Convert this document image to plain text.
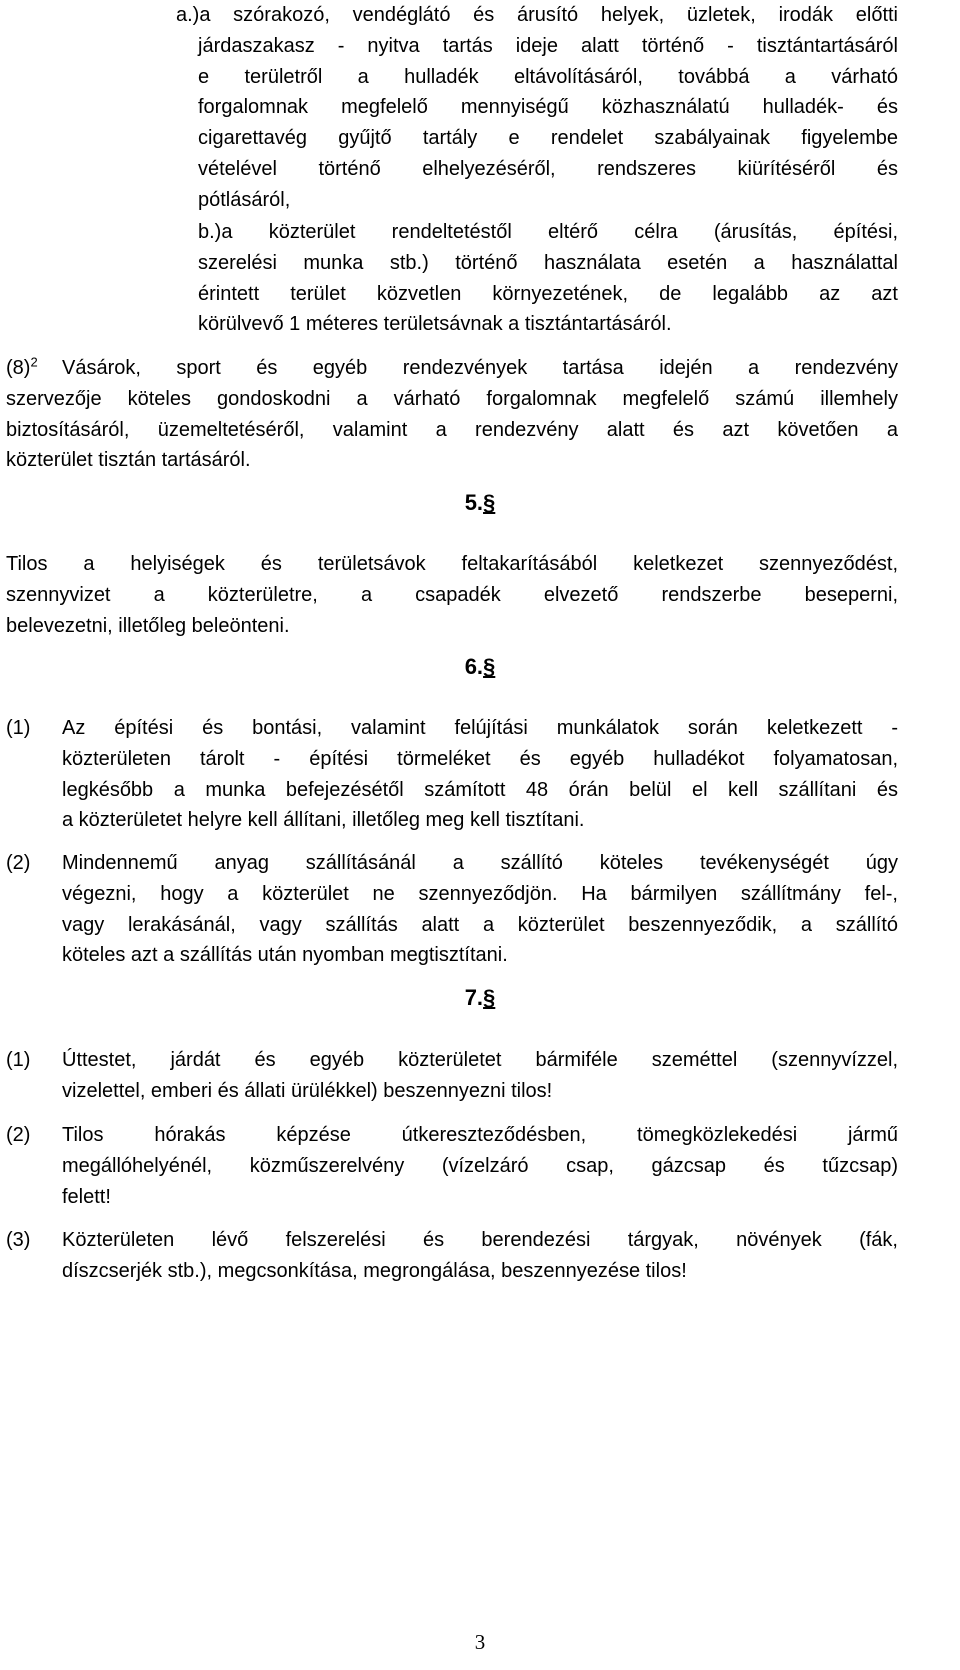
a.)a szórakozó, vendéglátó és árusító helyek, üzletek, irodák előtti

járdaszakasz - nyitva tartás ideje alatt történő - tisztántartásáról

e területről a hulladék eltávolításáról, továbbá a várható

forgalomnak megfelelő mennyiségű közhasználatú hulladék- és

cigarettavég gyűjtő tartály e rendelet szabályainak figyelembe

vételével történő elhelyezéséről, rendszeres kiürítéséről és

pótlásáról,

b.)a közterület rendeltetéstől eltérő célra (árusítás, építési,

szerelési munka stb.) történő használata esetén a használattal

érintett terület közvetlen környezetének, de legalább az azt

körülvevő 1 méteres területsávnak a tisztántartásáról.

$(8)^2$ Vásárok, sport és egyéb rendezvények tartása idején a rendezvény

szervezője köteles gondoskodni a várható forgalomnak megfelelő számú illemhely

biztosításáról, üzemeltetéséről, valamint a rendezvény alatt és azt követően a

közterület tisztán tartásáról.

5.§

Tilos a helyiségek és területsávok feltakarításából keletkezet szennyeződést,

szennyvizet a közterületre, a csapadék elvezető rendszerbe beseperni,

belevezetni, illetőleg beleönteni.

6.§

(1) Az építési és bontási, valamint felújítási munkálatok során keletkezett -

közterületen tárolt - építési törmeléket és egyéb hulladékot folyamatosan,

legkésőbb a munka befejezésétől számított 48 órán belül el kell szállítani és

a közterületet helyre kell állítani, illetőleg meg kell tisztítani.

(2) Mindennemű anyag szállításánál a szállító köteles tevékenységét úgy

végezni, hogy a közterület ne szennyeződjön. Ha bármilyen szállítmány fel-,

vagy lerakásánál, vagy szállítás alatt a közterület beszennyeződik, a szállító

köteles azt a szállítás után nyomban megtisztítani.

7.§

(1) Úttestet, járdát és egyéb közterületet bármiféle szeméttel (szennyvízzel,

vizelettel, emberi és állati ürülékkel) beszennyezni tilos!

(2) Tilos hórakás képzése útkereszteződésben, tömegközlekedési jármű

megállóhelyénél, közműszerelvény (vízelzáró csap, gázcsap és tűzcsap)

felett!

(3) Közterületen lévő felszerelési és berendezési tárgyak, növények (fák,

díszcserjék stb.), megcsonkítása, megrongálása, beszennyezése tilos!

3
